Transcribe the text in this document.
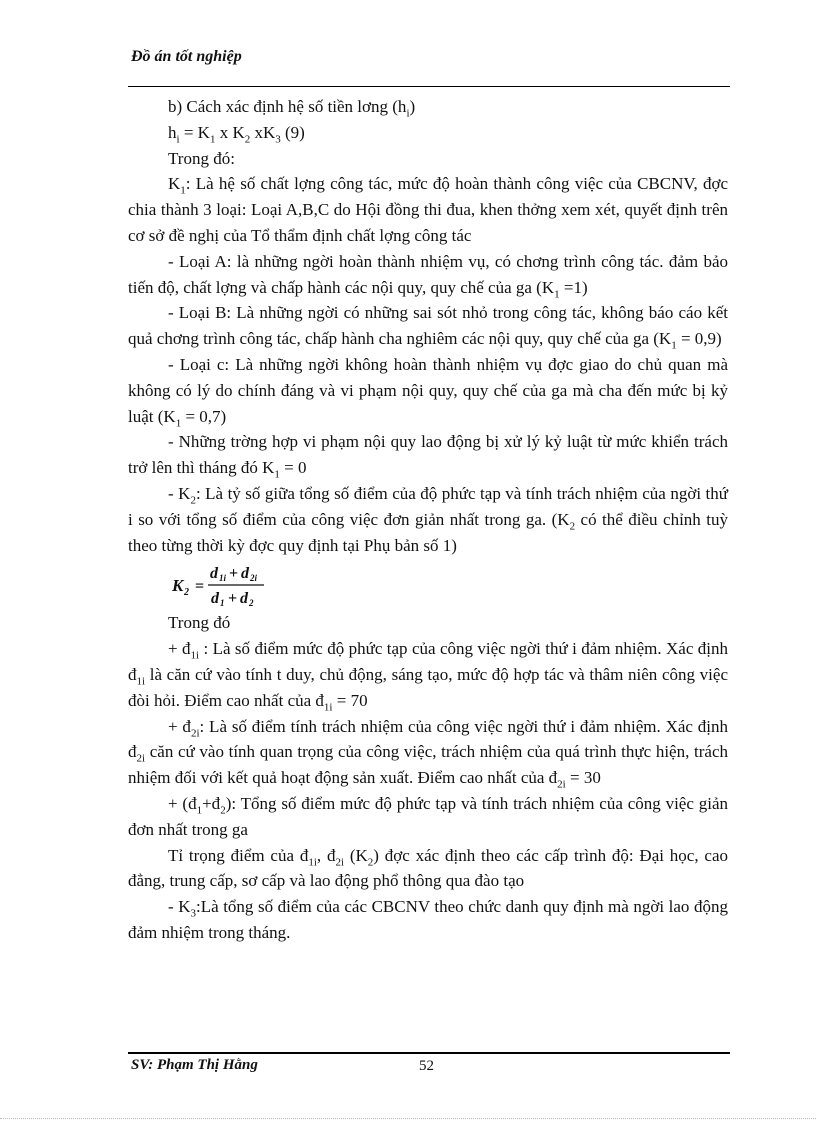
Đồ án tốt nghiệp

b) Cách xác định hệ số tiền lơng $(h_i)$

$h_i = K_1$ x $K_2$ $xK_3$ (9)

Trong đó:

$K_1$: Là hệ số chất lợng công tác, mức độ hoàn thành công việc của CBCNV, đợc chia thành 3 loại: Loại A,B,C do Hội đồng thi đua, khen thởng xem xét, quyết định trên cơ sở đề nghị của Tổ thẩm định chất lợng công tác

- Loại A: là những ngời hoàn thành nhiệm vụ, có chơng trình công tác. đảm bảo tiến độ, chất lợng và chấp hành các nội quy, quy chế của ga $(K_1 =1)$

- Loại B: Là những ngời có những sai sót nhỏ trong công tác, không báo cáo kết quả chơng trình công tác, chấp hành cha nghiêm các nội quy, quy chế của ga $(K_1 = 0,9)$

- Loại c: Là những ngời không hoàn thành nhiệm vụ đợc giao do chủ quan mà không có lý do chính đáng và vi phạm nội quy, quy chế của ga mà cha đến mức bị kỷ luật $(K_1 = 0,7)$

- Những trờng hợp vi phạm nội quy lao động bị xử lý kỷ luật từ mức khiển trách trở lên thì tháng đó $K_1 = 0$

- $K_2$: Là tỷ số giữa tổng số điểm của độ phức tạp và tính trách nhiệm của ngời thứ i so với tổng số điểm của công việc đơn giản nhất trong ga. ($K_2$ có thể điều chỉnh tuỳ theo từng thời kỳ đợc quy định tại Phụ bản số 1)

K 2 =
d 1i + d 2i
d 1 + d 2

Trong đó

+ $đ_{1i}$ : Là số điểm mức độ phức tạp của công việc ngời thứ i đảm nhiệm. Xác định $đ_{1i}$ là căn cứ vào tính t duy, chủ động, sáng tạo, mức độ hợp tác và thâm niên công việc đòi hỏi. Điểm cao nhất của $đ_{1i} = 70$

+ $đ_{2i}$: Là số điểm tính trách nhiệm của công việc ngời thứ i đảm nhiệm. Xác định $đ_{2i}$ căn cứ vào tính quan trọng của công việc, trách nhiệm của quá trình thực hiện, trách nhiệm đối với kết quả hoạt động sản xuất. Điểm cao nhất của $đ_{2i} = 30$

+ $(đ_1+đ_2)$: Tổng số điểm mức độ phức tạp và tính trách nhiệm của công việc giản đơn nhất trong ga

Tỉ trọng điểm của $đ_{1i}$, $đ_{2i}$ $(K_2)$ đợc xác định theo các cấp trình độ: Đại học, cao đẳng, trung cấp, sơ cấp và lao động phổ thông qua đào tạo

- $K_3:Là$ tổng số điểm của các CBCNV theo chức danh quy định mà ngời lao động đảm nhiệm trong tháng.

SV: Phạm Thị Hằng	52
